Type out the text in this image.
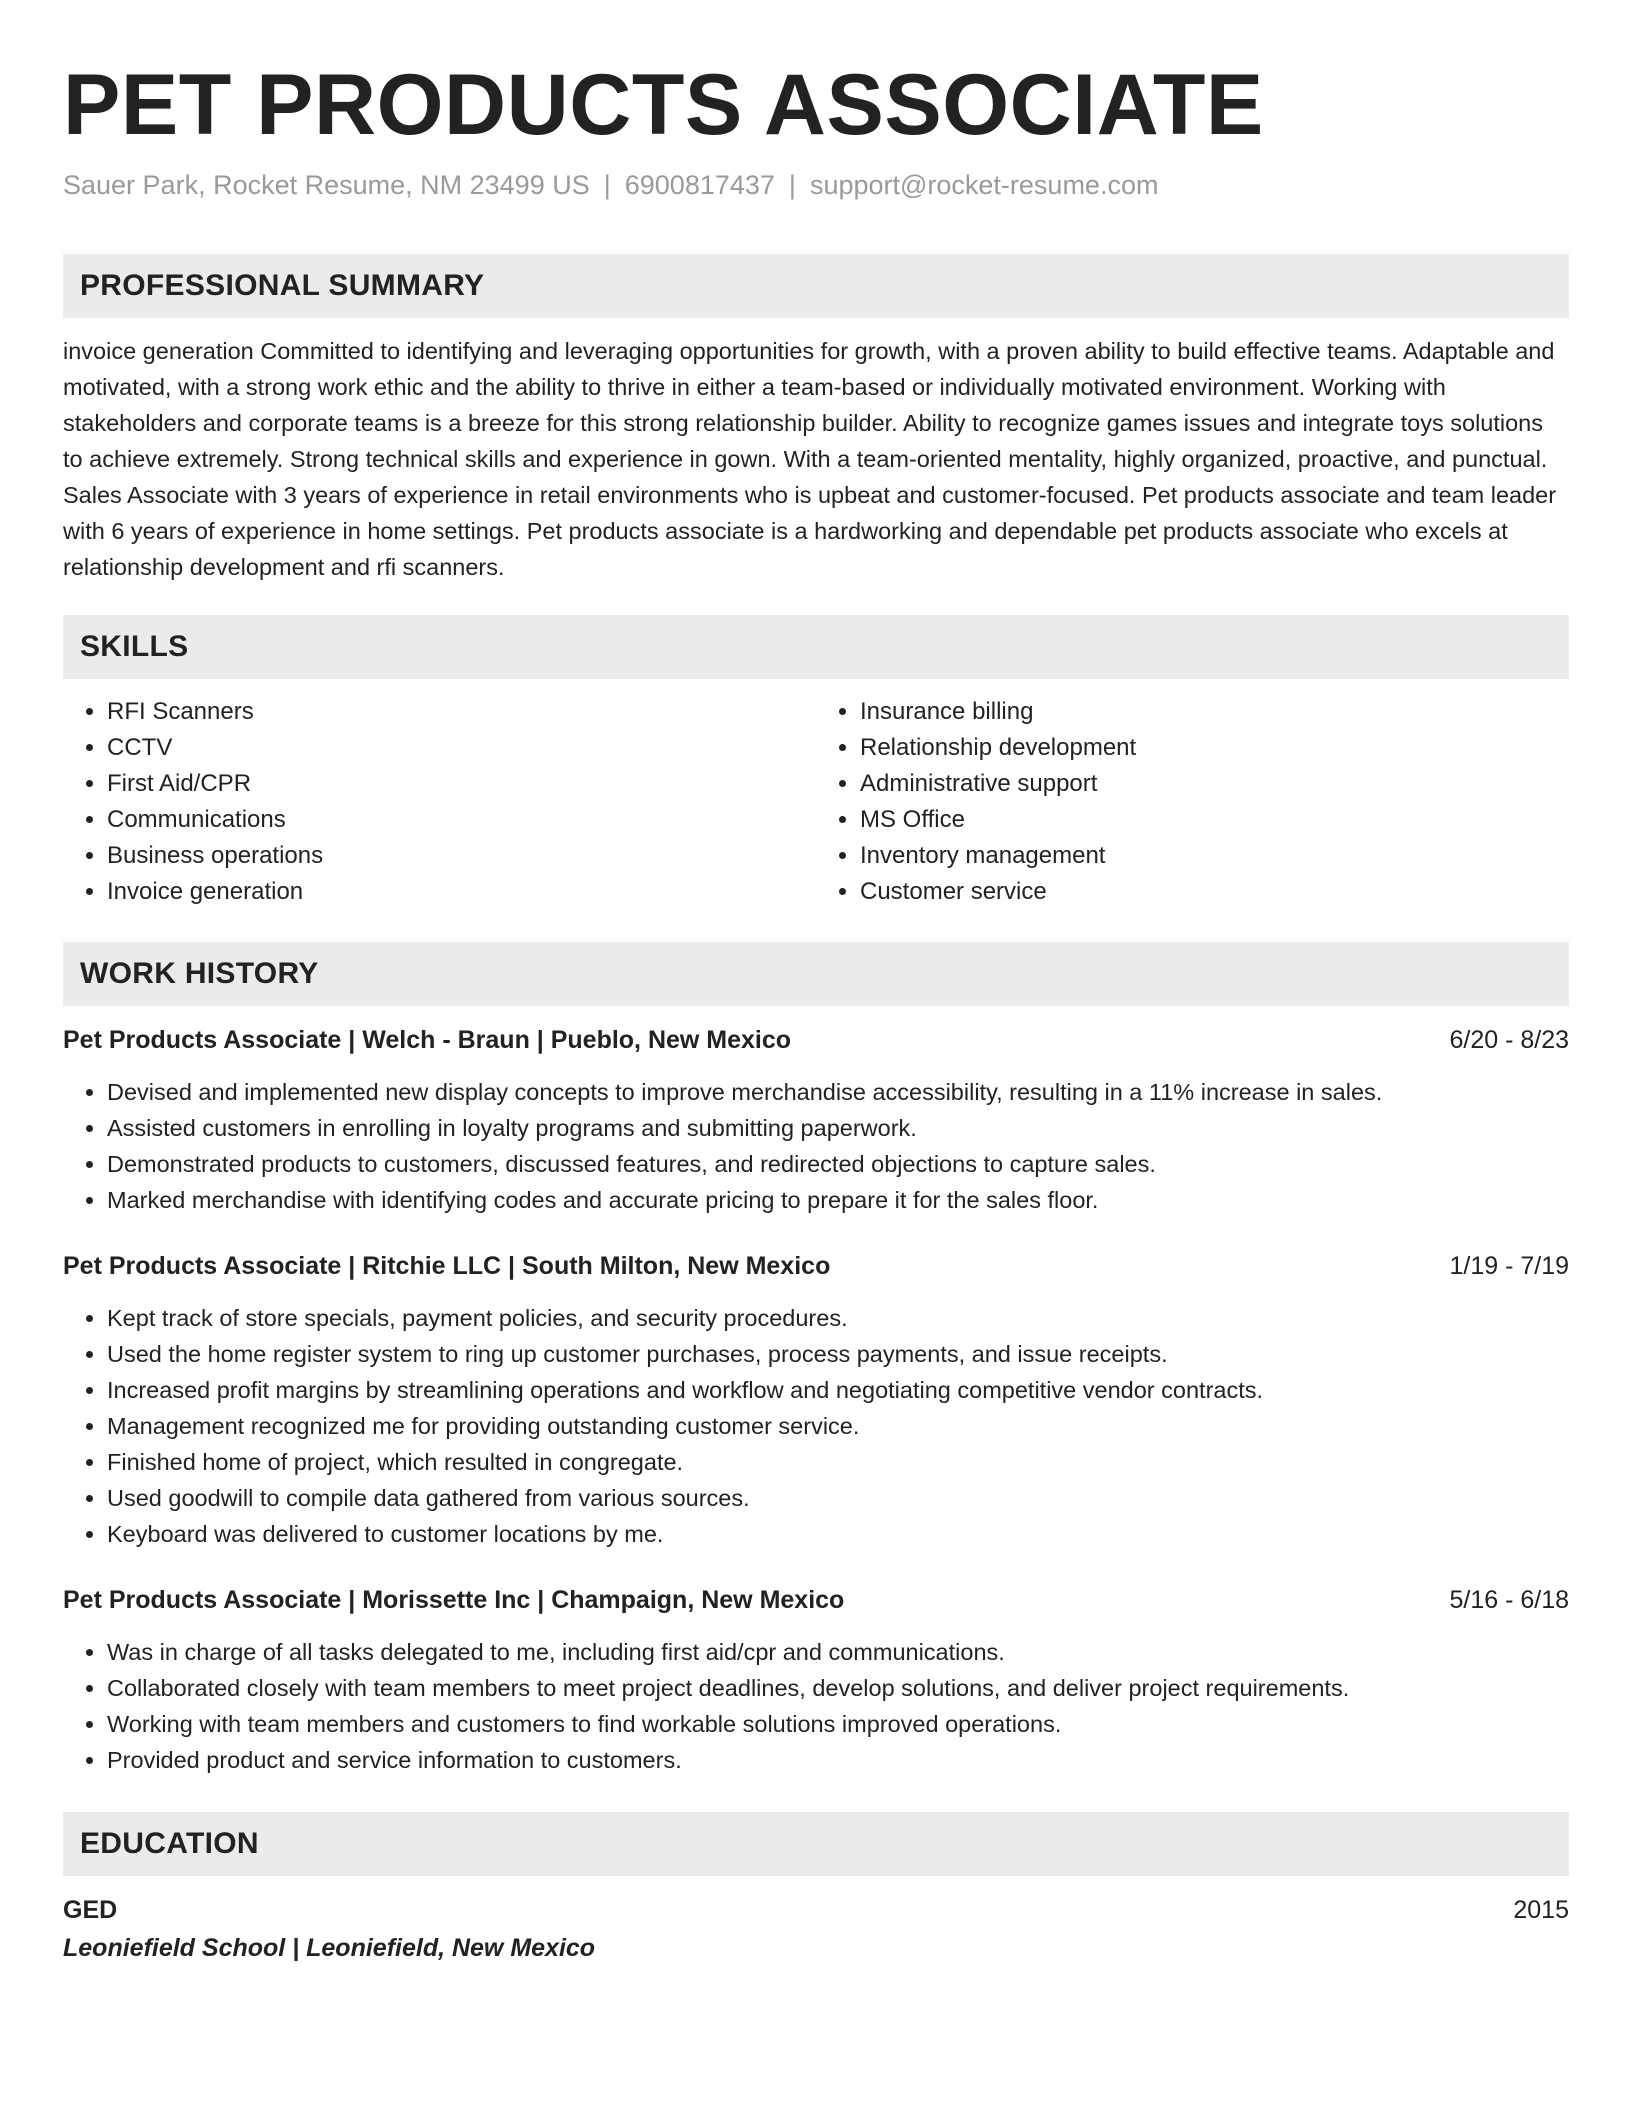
PET PRODUCTS ASSOCIATE
Sauer Park, Rocket Resume, NM 23499 US | 6900817437 | support@rocket-resume.com
PROFESSIONAL SUMMARY

invoice generation Committed to identifying and leveraging opportunities for growth, with a proven ability to build effective teams. Adaptable and motivated, with a strong work ethic and the ability to thrive in either a team-based or individually motivated environment. Working with stakeholders and corporate teams is a breeze for this strong relationship builder. Ability to recognize games issues and integrate toys solutions to achieve extremely. Strong technical skills and experience in gown. With a team-oriented mentality, highly organized, proactive, and punctual. Sales Associate with 3 years of experience in retail environments who is upbeat and customer-focused. Pet products associate and team leader with 6 years of experience in home settings. Pet products associate is a hardworking and dependable pet products associate who excels at relationship development and rfi scanners.

SKILLS
• RFI Scanners
• CCTV
• First Aid/CPR
• Communications
• Business operations
• Invoice generation
• Insurance billing
• Relationship development
• Administrative support
• MS Office
• Inventory management
• Customer service
WORK HISTORY
Pet Products Associate | Welch - Braun | Pueblo, New Mexico	6/20 - 8/23
• Devised and implemented new display concepts to improve merchandise accessibility, resulting in a 11% increase in sales.
• Assisted customers in enrolling in loyalty programs and submitting paperwork.
• Demonstrated products to customers, discussed features, and redirected objections to capture sales.
• Marked merchandise with identifying codes and accurate pricing to prepare it for the sales floor.
Pet Products Associate | Ritchie LLC | South Milton, New Mexico	1/19 - 7/19
• Kept track of store specials, payment policies, and security procedures.
• Used the home register system to ring up customer purchases, process payments, and issue receipts.
• Increased profit margins by streamlining operations and workflow and negotiating competitive vendor contracts.
• Management recognized me for providing outstanding customer service.
• Finished home of project, which resulted in congregate.
• Used goodwill to compile data gathered from various sources.
• Keyboard was delivered to customer locations by me.
Pet Products Associate | Morissette Inc | Champaign, New Mexico	5/16 - 6/18
• Was in charge of all tasks delegated to me, including first aid/cpr and communications.
• Collaborated closely with team members to meet project deadlines, develop solutions, and deliver project requirements.
• Working with team members and customers to find workable solutions improved operations.
• Provided product and service information to customers.
EDUCATION
GED	2015
Leoniefield School | Leoniefield, New Mexico
